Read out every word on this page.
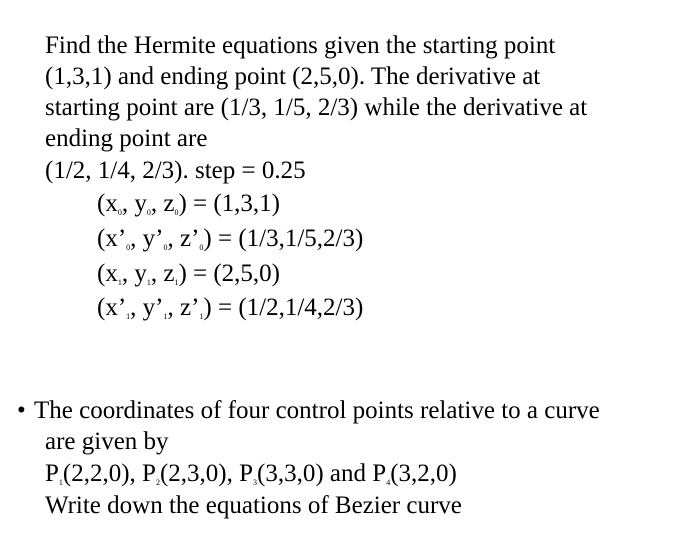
Find the Hermite equations given the starting point
(1,3,1) and ending point (2,5,0). The derivative at
starting point are (1/3, 1/5, 2/3) while the derivative at
ending point are
(1/2, 1/4, 2/3). step = 0.25
($x_0$, $y_0$, $z_0) = (1,3,1)$
($x’_0$, $y’_0$, $z’_0) = (1/3,1/5,2/3)$
($x_1$, $y_1$, $z_1) = (2,5,0)$
($x’_1$, $y’_1$, $z’_1) = (1/2,1/4,2/3)$
• The coordinates of four control points relative to a curve
are given by
$P_1(2,2,0)$, $P_2(2,3,0)$, $P_3(3,3,0)$ and $P_4(3,2,0)$
Write down the equations of Bezier curve
